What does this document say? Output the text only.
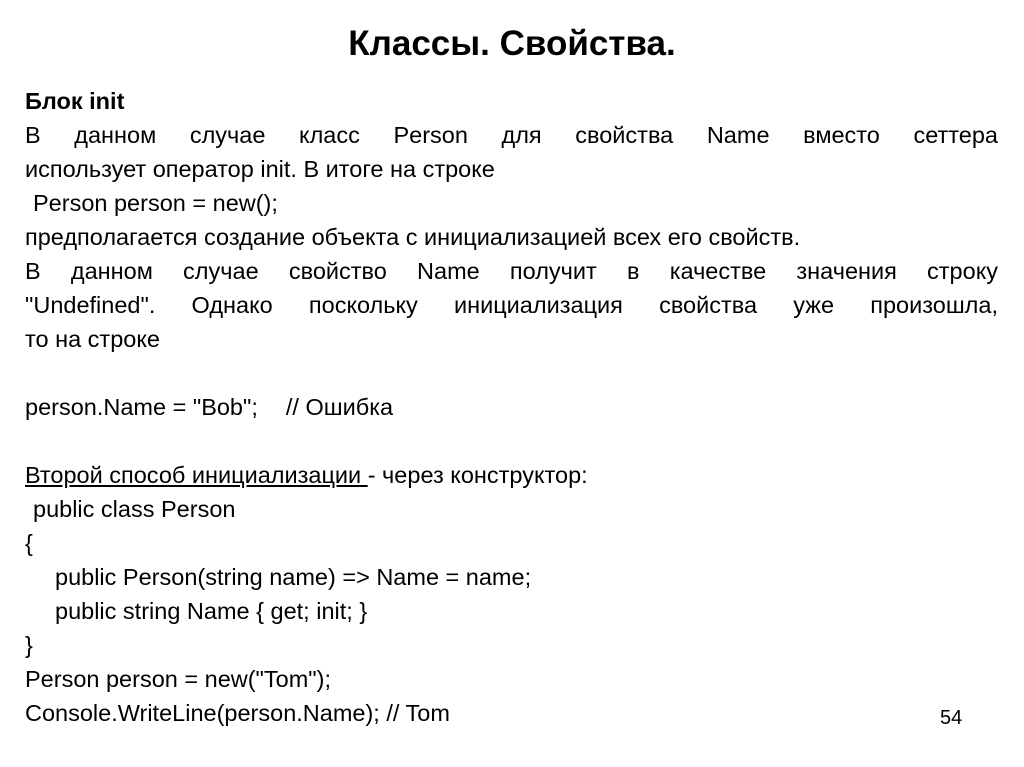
Классы. Свойства.
Блок init
В данном случае класс Person для свойства Name вместо сеттера
использует оператор init. В итоге на строке
Person person = new();
предполагается создание объекта с инициализацией всех его свойств.
В данном случае свойство Name получит в качестве значения строку
"Undefined". Однако поскольку инициализация свойства уже произошла,
то на строке
person.Name = "Bob"; // Ошибка
Второй способ инициализации - через конструктор:
public class Person
{
public Person(string name) => Name = name;
public string Name { get; init; }
}
Person person = new("Tom");
Console.WriteLine(person.Name); // Tom	54
